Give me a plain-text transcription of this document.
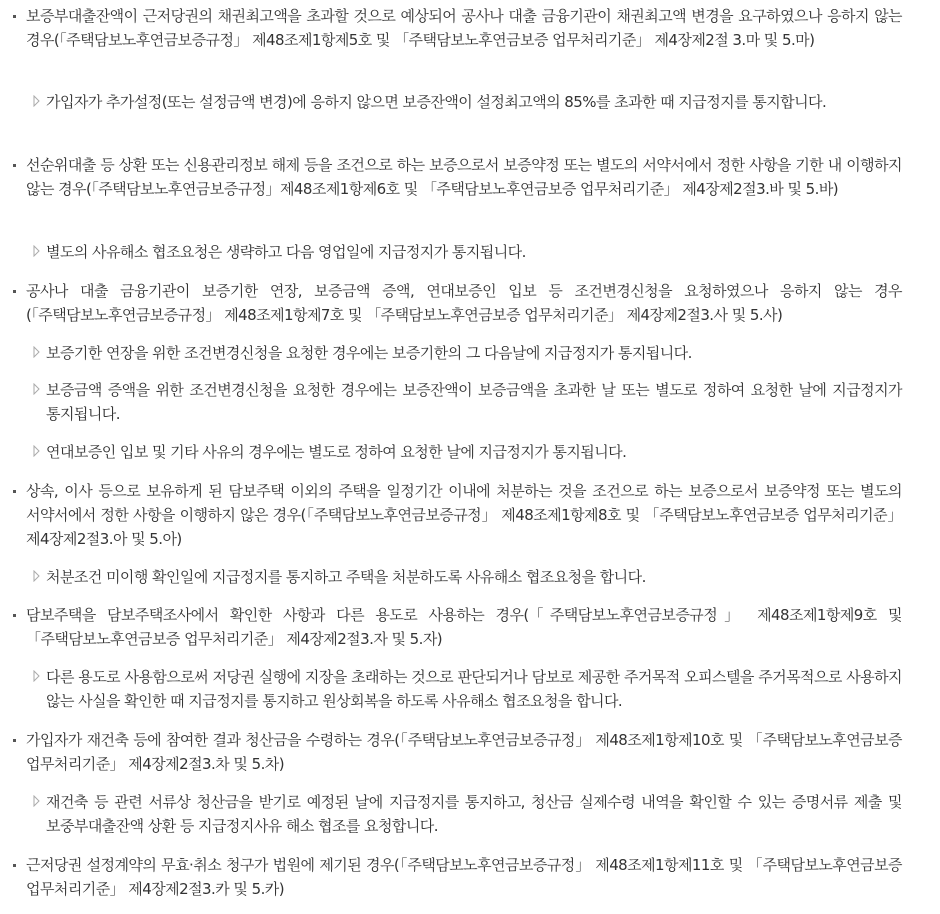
보증부대출잔액이 근저당권의 채권최고액을 초과할 것으로 예상되어 공사나 대출 금융기관이 채권최고액 변경을 요구하였으나 응하지 않는 경우(「주택담보노후연금보증규정」 제48조제1항제5호 및 「주택담보노후연금보증 업무처리기준」 제4장제2절 3.마 및 5.마)
가입자가 추가설정(또는 설정금액 변경)에 응하지 않으면 보증잔액이 설정최고액의 85%를 초과한 때 지급정지를 통지합니다.
선순위대출 등 상환 또는 신용관리정보 해제 등을 조건으로 하는 보증으로서 보증약정 또는 별도의 서약서에서 정한 사항을 기한 내 이행하지 않는 경우(「주택담보노후연금보증규정」제48조제1항제6호 및 「주택담보노후연금보증 업무처리기준」 제4장제2절3.바 및 5.바)
별도의 사유해소 협조요청은 생략하고 다음 영업일에 지급정지가 통지됩니다.
공사나 대출 금융기관이 보증기한 연장, 보증금액 증액, 연대보증인 입보 등 조건변경신청을 요청하였으나 응하지 않는 경우(「주택담보노후연금보증규정」 제48조제1항제7호 및 「주택담보노후연금보증 업무처리기준」 제4장제2절3.사 및 5.사)
보증기한 연장을 위한 조건변경신청을 요청한 경우에는 보증기한의 그 다음날에 지급정지가 통지됩니다.
보증금액 증액을 위한 조건변경신청을 요청한 경우에는 보증잔액이 보증금액을 초과한 날 또는 별도로 정하여 요청한 날에 지급정지가 통지됩니다.
연대보증인 입보 및 기타 사유의 경우에는 별도로 정하여 요청한 날에 지급정지가 통지됩니다.
상속, 이사 등으로 보유하게 된 담보주택 이외의 주택을 일정기간 이내에 처분하는 것을 조건으로 하는 보증으로서 보증약정 또는 별도의 서약서에서 정한 사항을 이행하지 않은 경우(「주택담보노후연금보증규정」 제48조제1항제8호 및 「주택담보노후연금보증 업무처리기준」 제4장제2절3.아 및 5.아)
처분조건 미이행 확인일에 지급정지를 통지하고 주택을 처분하도록 사유해소 협조요청을 합니다.
담보주택을 담보주택조사에서 확인한 사항과 다른 용도로 사용하는 경우(「주택담보노후연금보증규정」 제48조제1항제9호 및 「주택담보노후연금보증 업무처리기준」 제4장제2절3.자 및 5.자)
다른 용도로 사용함으로써 저당권 실행에 지장을 초래하는 것으로 판단되거나 담보로 제공한 주거목적 오피스텔을 주거목적으로 사용하지 않는 사실을 확인한 때 지급정지를 통지하고 원상회복을 하도록 사유해소 협조요청을 합니다.
가입자가 재건축 등에 참여한 결과 청산금을 수령하는 경우(「주택담보노후연금보증규정」 제48조제1항제10호 및 「주택담보노후연금보증 업무처리기준」 제4장제2절3.차 및 5.차)
재건축 등 관련 서류상 청산금을 받기로 예정된 날에 지급정지를 통지하고, 청산금 실제수령 내역을 확인할 수 있는 증명서류 제출 및 보중부대출잔액 상환 등 지급정지사유 해소 협조를 요청합니다.
근저당권 설정계약의 무효·취소 청구가 법원에 제기된 경우(「주택담보노후연금보증규정」 제48조제1항제11호 및 「주택담보노후연금보증 업무처리기준」 제4장제2절3.카 및 5.카)
